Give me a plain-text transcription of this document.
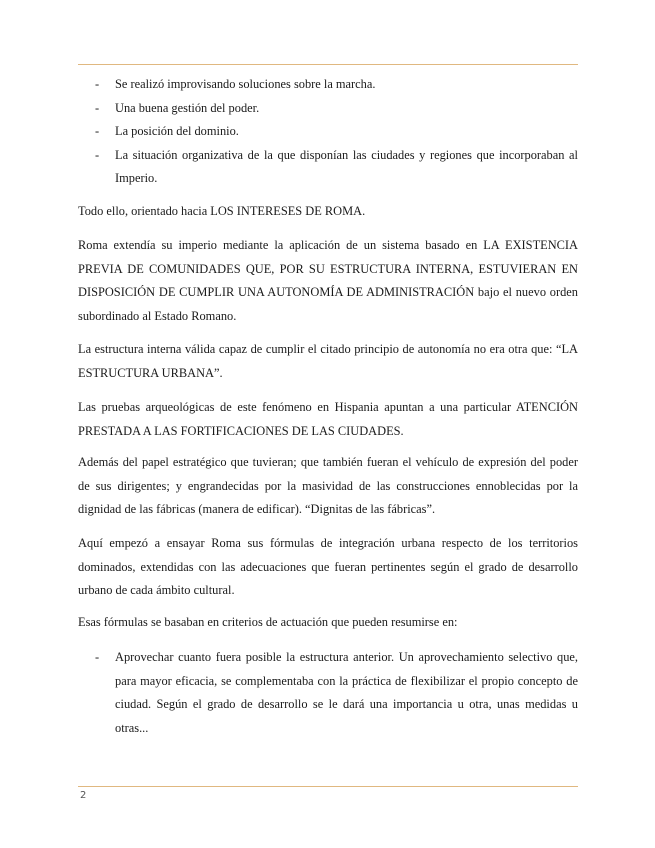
- Se realizó improvisando soluciones sobre la marcha.
- Una buena gestión del poder.
- La posición del dominio.
- La situación organizativa de la que disponían las ciudades y regiones que incorporaban al Imperio.

Todo ello, orientado hacia LOS INTERESES DE ROMA.

Roma extendía su imperio mediante la aplicación de un sistema basado en LA EXISTENCIA PREVIA DE COMUNIDADES QUE, POR SU ESTRUCTURA INTERNA, ESTUVIERAN EN DISPOSICIÓN DE CUMPLIR UNA AUTONOMÍA DE ADMINISTRACIÓN bajo el nuevo orden subordinado al Estado Romano.

La estructura interna válida capaz de cumplir el citado principio de autonomía no era otra que: “LA ESTRUCTURA URBANA”.

Las pruebas arqueológicas de este fenómeno en Hispania apuntan a una particular ATENCIÓN PRESTADA A LAS FORTIFICACIONES DE LAS CIUDADES.

Además del papel estratégico que tuvieran; que también fueran el vehículo de expresión del poder de sus dirigentes; y engrandecidas por la masividad de las construcciones ennoblecidas por la dignidad de las fábricas (manera de edificar). “Dignitas de las fábricas”.

Aquí empezó a ensayar Roma sus fórmulas de integración urbana respecto de los territorios dominados, extendidas con las adecuaciones que fueran pertinentes según el grado de desarrollo urbano de cada ámbito cultural.

Esas fórmulas se basaban en criterios de actuación que pueden resumirse en:

- Aprovechar cuanto fuera posible la estructura anterior. Un aprovechamiento selectivo que, para mayor eficacia, se complementaba con la práctica de flexibilizar el propio concepto de ciudad. Según el grado de desarrollo se le dará una importancia u otra, unas medidas u otras...
2
